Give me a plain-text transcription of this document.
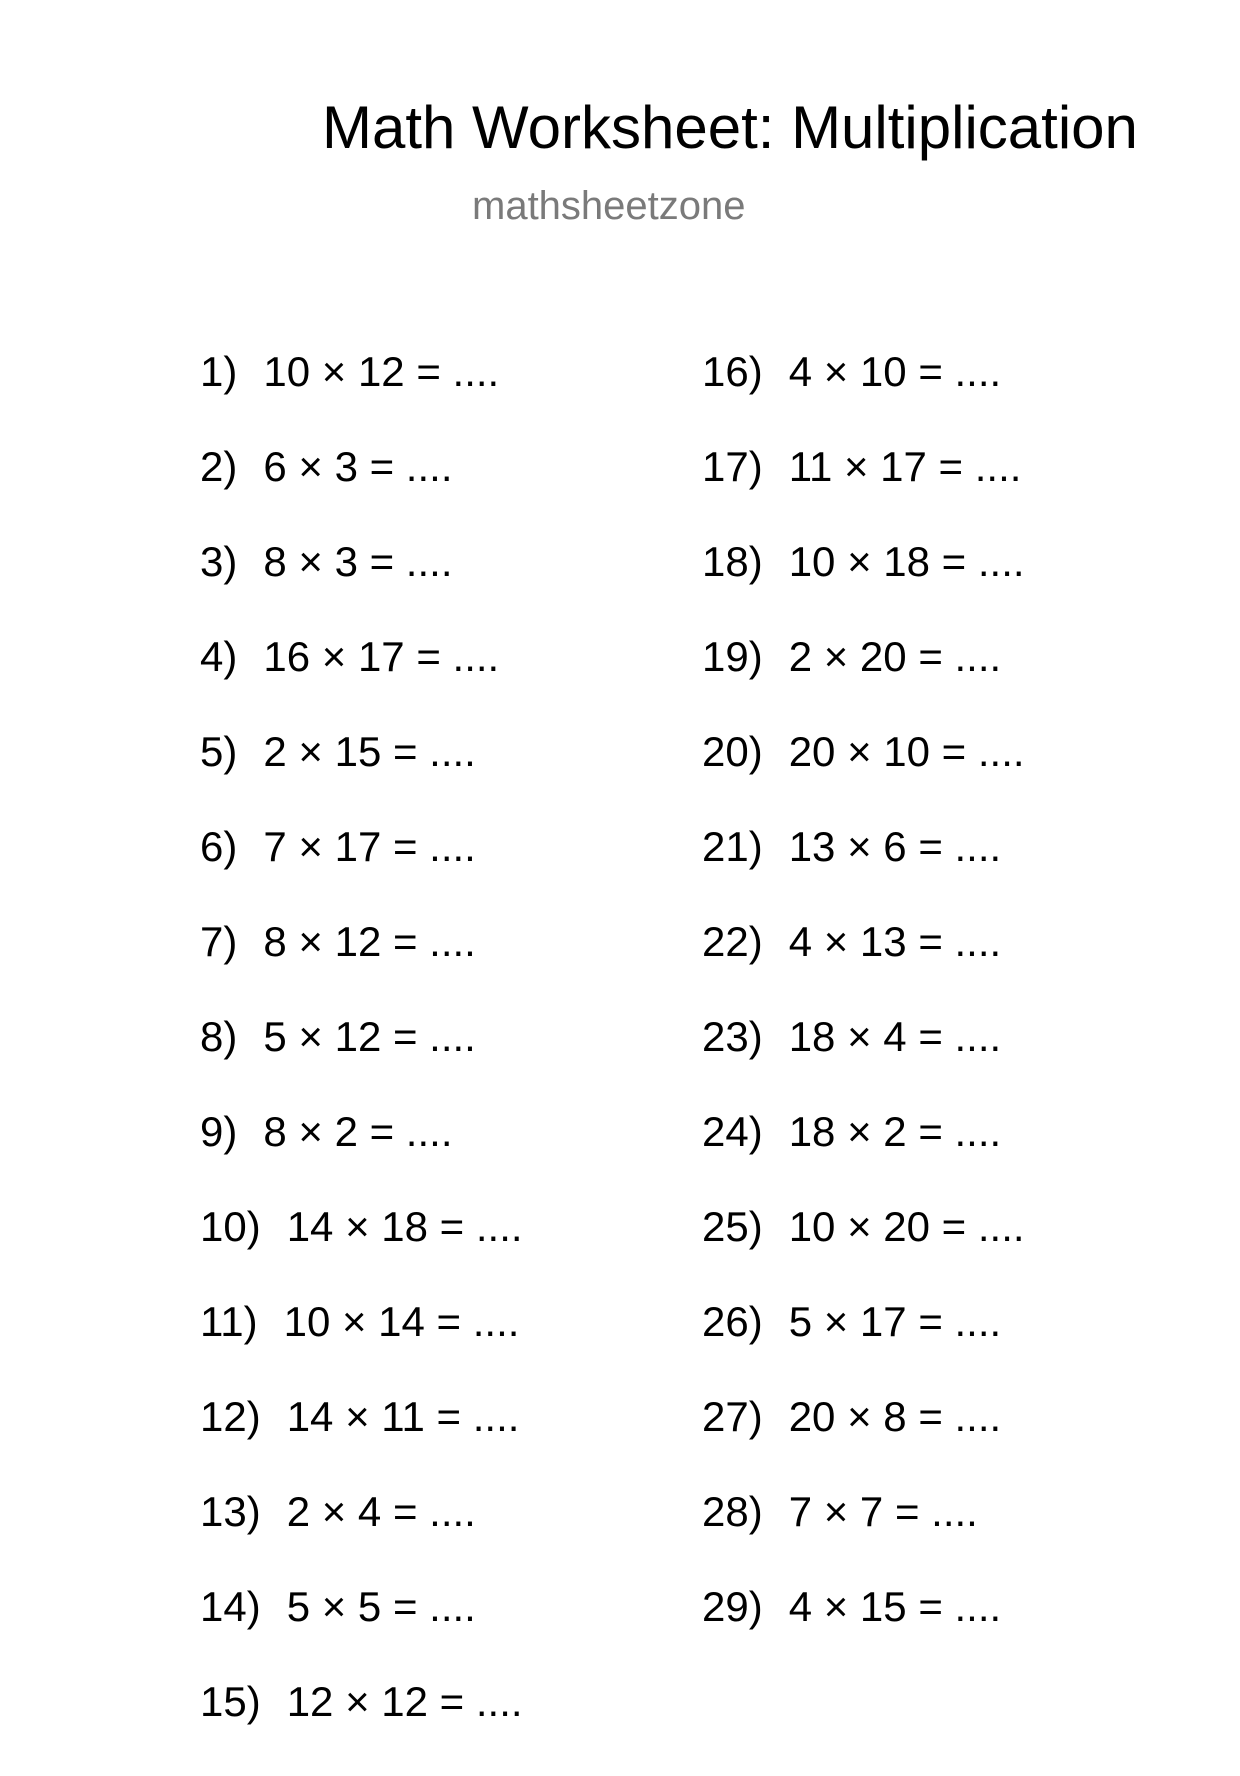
Math Worksheet: Multiplication
mathsheetzone
1) 10 × 12 = ....
2) 6 × 3 = ....
3) 8 × 3 = ....
4) 16 × 17 = ....
5) 2 × 15 = ....
6) 7 × 17 = ....
7) 8 × 12 = ....
8) 5 × 12 = ....
9) 8 × 2 = ....
10) 14 × 18 = ....
11) 10 × 14 = ....
12) 14 × 11 = ....
13) 2 × 4 = ....
14) 5 × 5 = ....
15) 12 × 12 = ....
16) 4 × 10 = ....
17) 11 × 17 = ....
18) 10 × 18 = ....
19) 2 × 20 = ....
20) 20 × 10 = ....
21) 13 × 6 = ....
22) 4 × 13 = ....
23) 18 × 4 = ....
24) 18 × 2 = ....
25) 10 × 20 = ....
26) 5 × 17 = ....
27) 20 × 8 = ....
28) 7 × 7 = ....
29) 4 × 15 = ....
